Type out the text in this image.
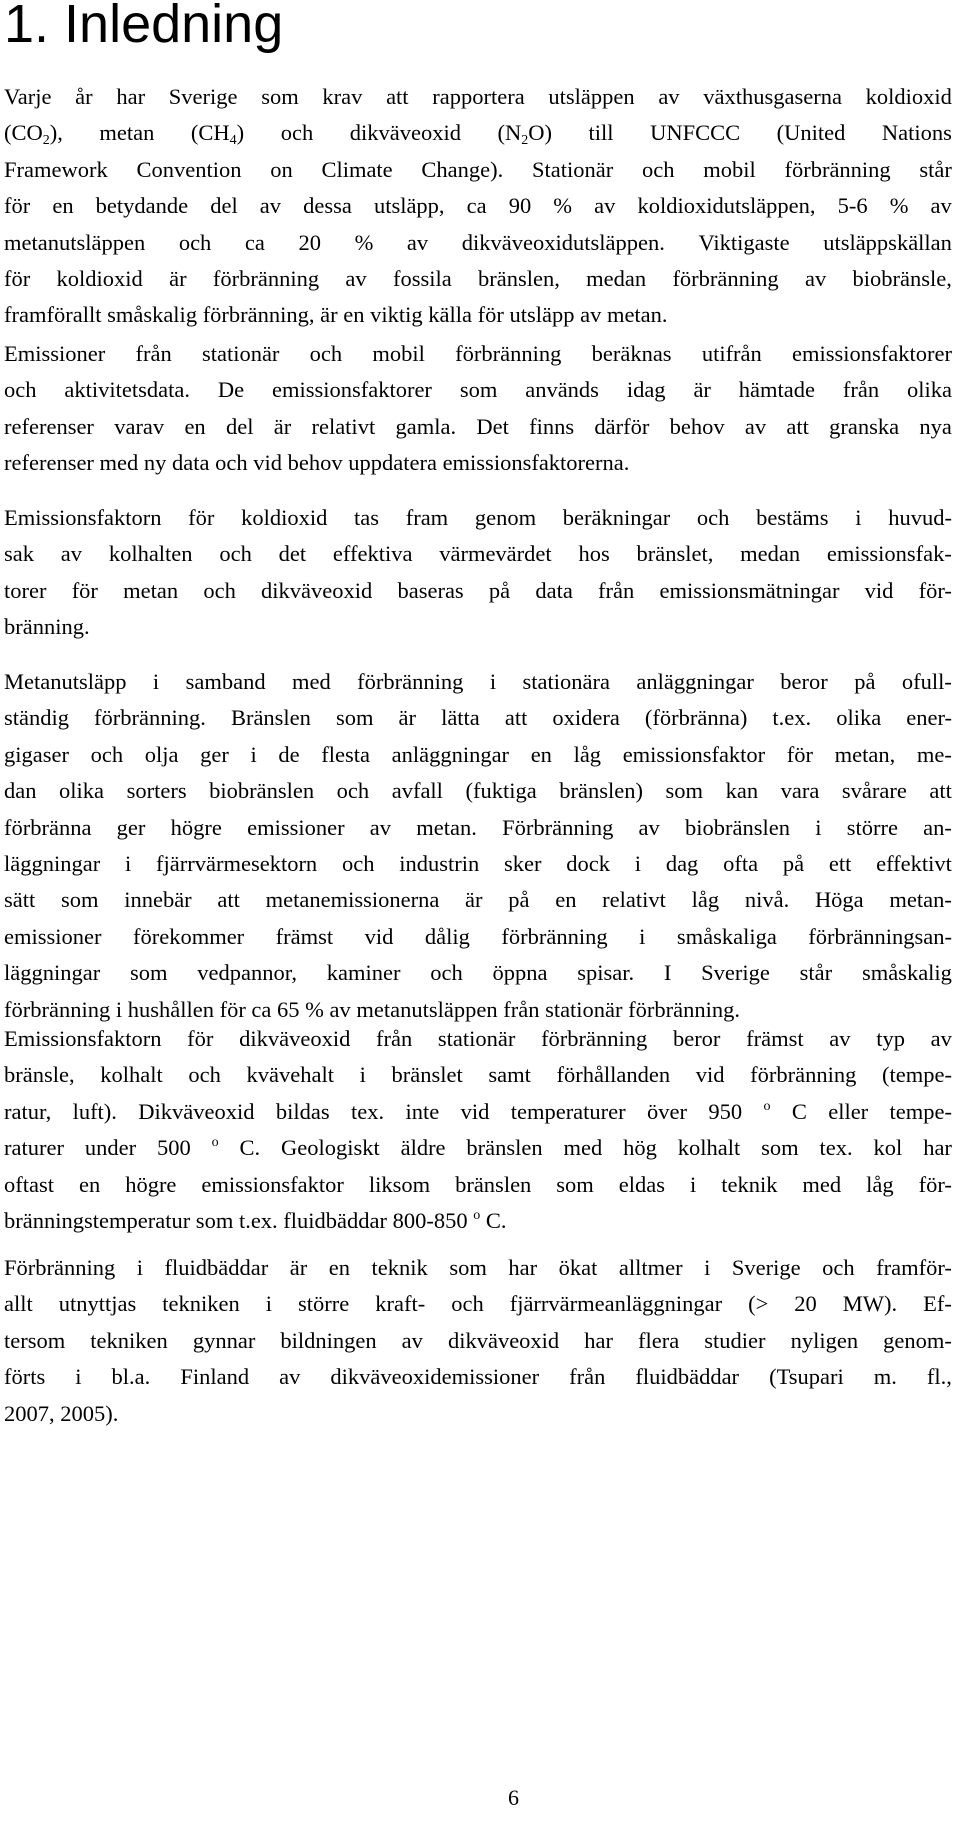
1. Inledning

Varje år har Sverige som krav att rapportera utsläppen av växthusgaserna koldioxid
$(CO_2)$, metan $(CH_4)$ och dikväveoxid $(N_2O)$ till UNFCCC (United Nations
Framework Convention on Climate Change). Stationär och mobil förbränning står
för en betydande del av dessa utsläpp, ca 90 % av koldioxidutsläppen, 5-6 % av
metanutsläppen och ca 20 % av dikväveoxidutsläppen. Viktigaste utsläppskällan
för koldioxid är förbränning av fossila bränslen, medan förbränning av biobränsle,
framförallt småskalig förbränning, är en viktig källa för utsläpp av metan.

Emissioner från stationär och mobil förbränning beräknas utifrån emissionsfaktorer
och aktivitetsdata. De emissionsfaktorer som används idag är hämtade från olika
referenser varav en del är relativt gamla. Det finns därför behov av att granska nya
referenser med ny data och vid behov uppdatera emissionsfaktorerna.

Emissionsfaktorn för koldioxid tas fram genom beräkningar och bestäms i huvud-
sak av kolhalten och det effektiva värmevärdet hos bränslet, medan emissionsfak-
torer för metan och dikväveoxid baseras på data från emissionsmätningar vid för-
bränning.

Metanutsläpp i samband med förbränning i stationära anläggningar beror på ofull-
ständig förbränning. Bränslen som är lätta att oxidera (förbränna) t.ex. olika ener-
gigaser och olja ger i de flesta anläggningar en låg emissionsfaktor för metan, me-
dan olika sorters biobränslen och avfall (fuktiga bränslen) som kan vara svårare att
förbränna ger högre emissioner av metan. Förbränning av biobränslen i större an-
läggningar i fjärrvärmesektorn och industrin sker dock i dag ofta på ett effektivt
sätt som innebär att metanemissionerna är på en relativt låg nivå. Höga metan-
emissioner förekommer främst vid dålig förbränning i småskaliga förbränningsan-
läggningar som vedpannor, kaminer och öppna spisar. I Sverige står småskalig
förbränning i hushållen för ca 65 % av metanutsläppen från stationär förbränning.

Emissionsfaktorn för dikväveoxid från stationär förbränning beror främst av typ av
bränsle, kolhalt och kvävehalt i bränslet samt förhållanden vid förbränning (tempe-
ratur, luft). Dikväveoxid bildas tex. inte vid temperaturer över 950 $^o$ C eller tempe-
raturer under 500 $^o$ C. Geologiskt äldre bränslen med hög kolhalt som tex. kol har
oftast en högre emissionsfaktor liksom bränslen som eldas i teknik med låg för-
bränningstemperatur som t.ex. fluidbäddar 800-850 $^o$ C.

Förbränning i fluidbäddar är en teknik som har ökat alltmer i Sverige och framför-
allt utnyttjas tekniken i större kraft- och fjärrvärmeanläggningar (> 20 MW). Ef-
tersom tekniken gynnar bildningen av dikväveoxid har flera studier nyligen genom-
förts i bl.a. Finland av dikväveoxidemissioner från fluidbäddar (Tsupari m. fl.,
2007, 2005).

6
